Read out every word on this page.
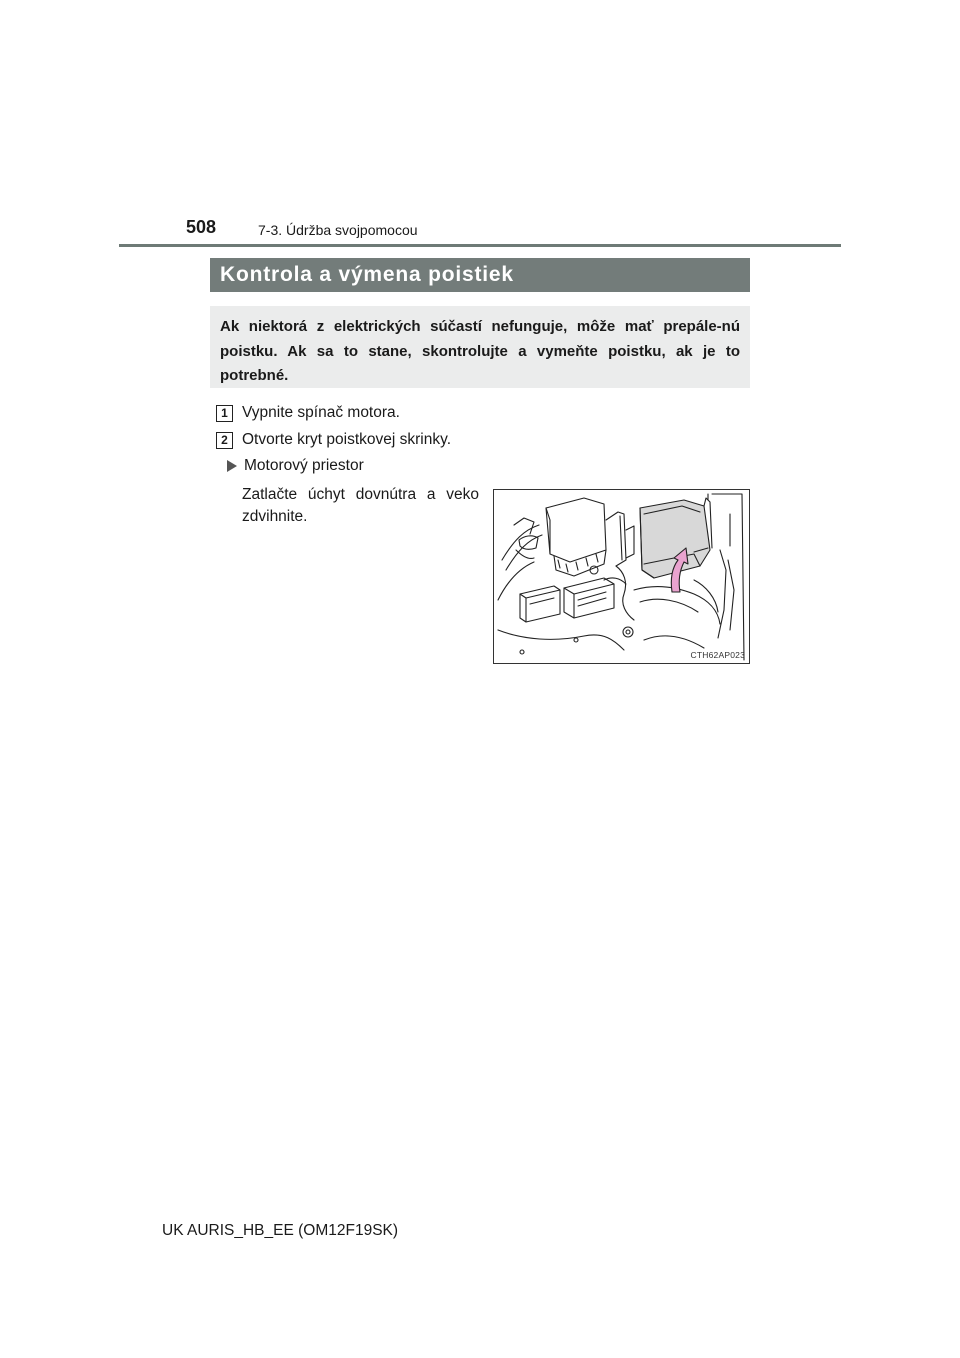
508	7-3. Údržba svojpomocou
Kontrola a výmena poistiek

Ak niektorá z elektrických súčastí nefunguje, môže mať prepále-nú poistku. Ak sa to stane, skontrolujte a vymeňte poistku, ak je to potrebné.

1 Vypnite spínač motora.
2 Otvorte kryt poistkovej skrinky.
Motorový priestor

Zatlačte úchyt dovnútra a veko zdvihnite.

CTH62AP023
UK AURIS_HB_EE (OM12F19SK)
